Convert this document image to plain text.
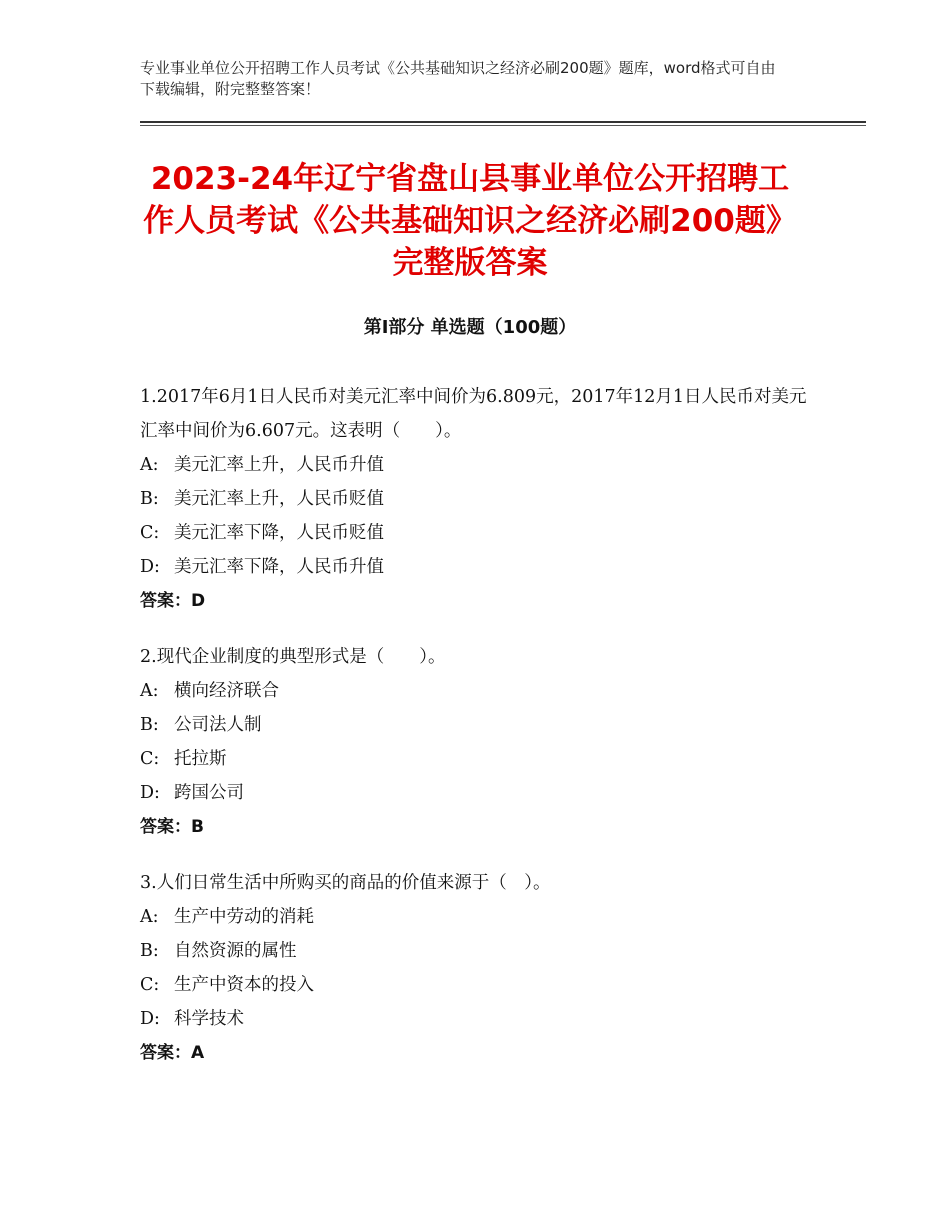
专业事业单位公开招聘工作人员考试《公共基础知识之经济必刷200题》题库，word格式可自由下载编辑，附完整整答案！
2023-24年辽宁省盘山县事业单位公开招聘工作人员考试《公共基础知识之经济必刷200题》完整版答案
第Ⅰ部分 单选题（100题）

1.2017年6月1日人民币对美元汇率中间价为6.809元，2017年12月1日人民币对美元汇率中间价为6.607元。这表明（　　）。

A: 美元汇率上升，人民币升值

B: 美元汇率上升，人民币贬值

C: 美元汇率下降，人民币贬值

D: 美元汇率下降，人民币升值

答案：D

2.现代企业制度的典型形式是（　　）。

A: 横向经济联合

B: 公司法人制

C: 托拉斯

D: 跨国公司

答案：B

3.人们日常生活中所购买的商品的价值来源于（　）。

A: 生产中劳动的消耗

B: 自然资源的属性

C: 生产中资本的投入

D: 科学技术

答案：A
